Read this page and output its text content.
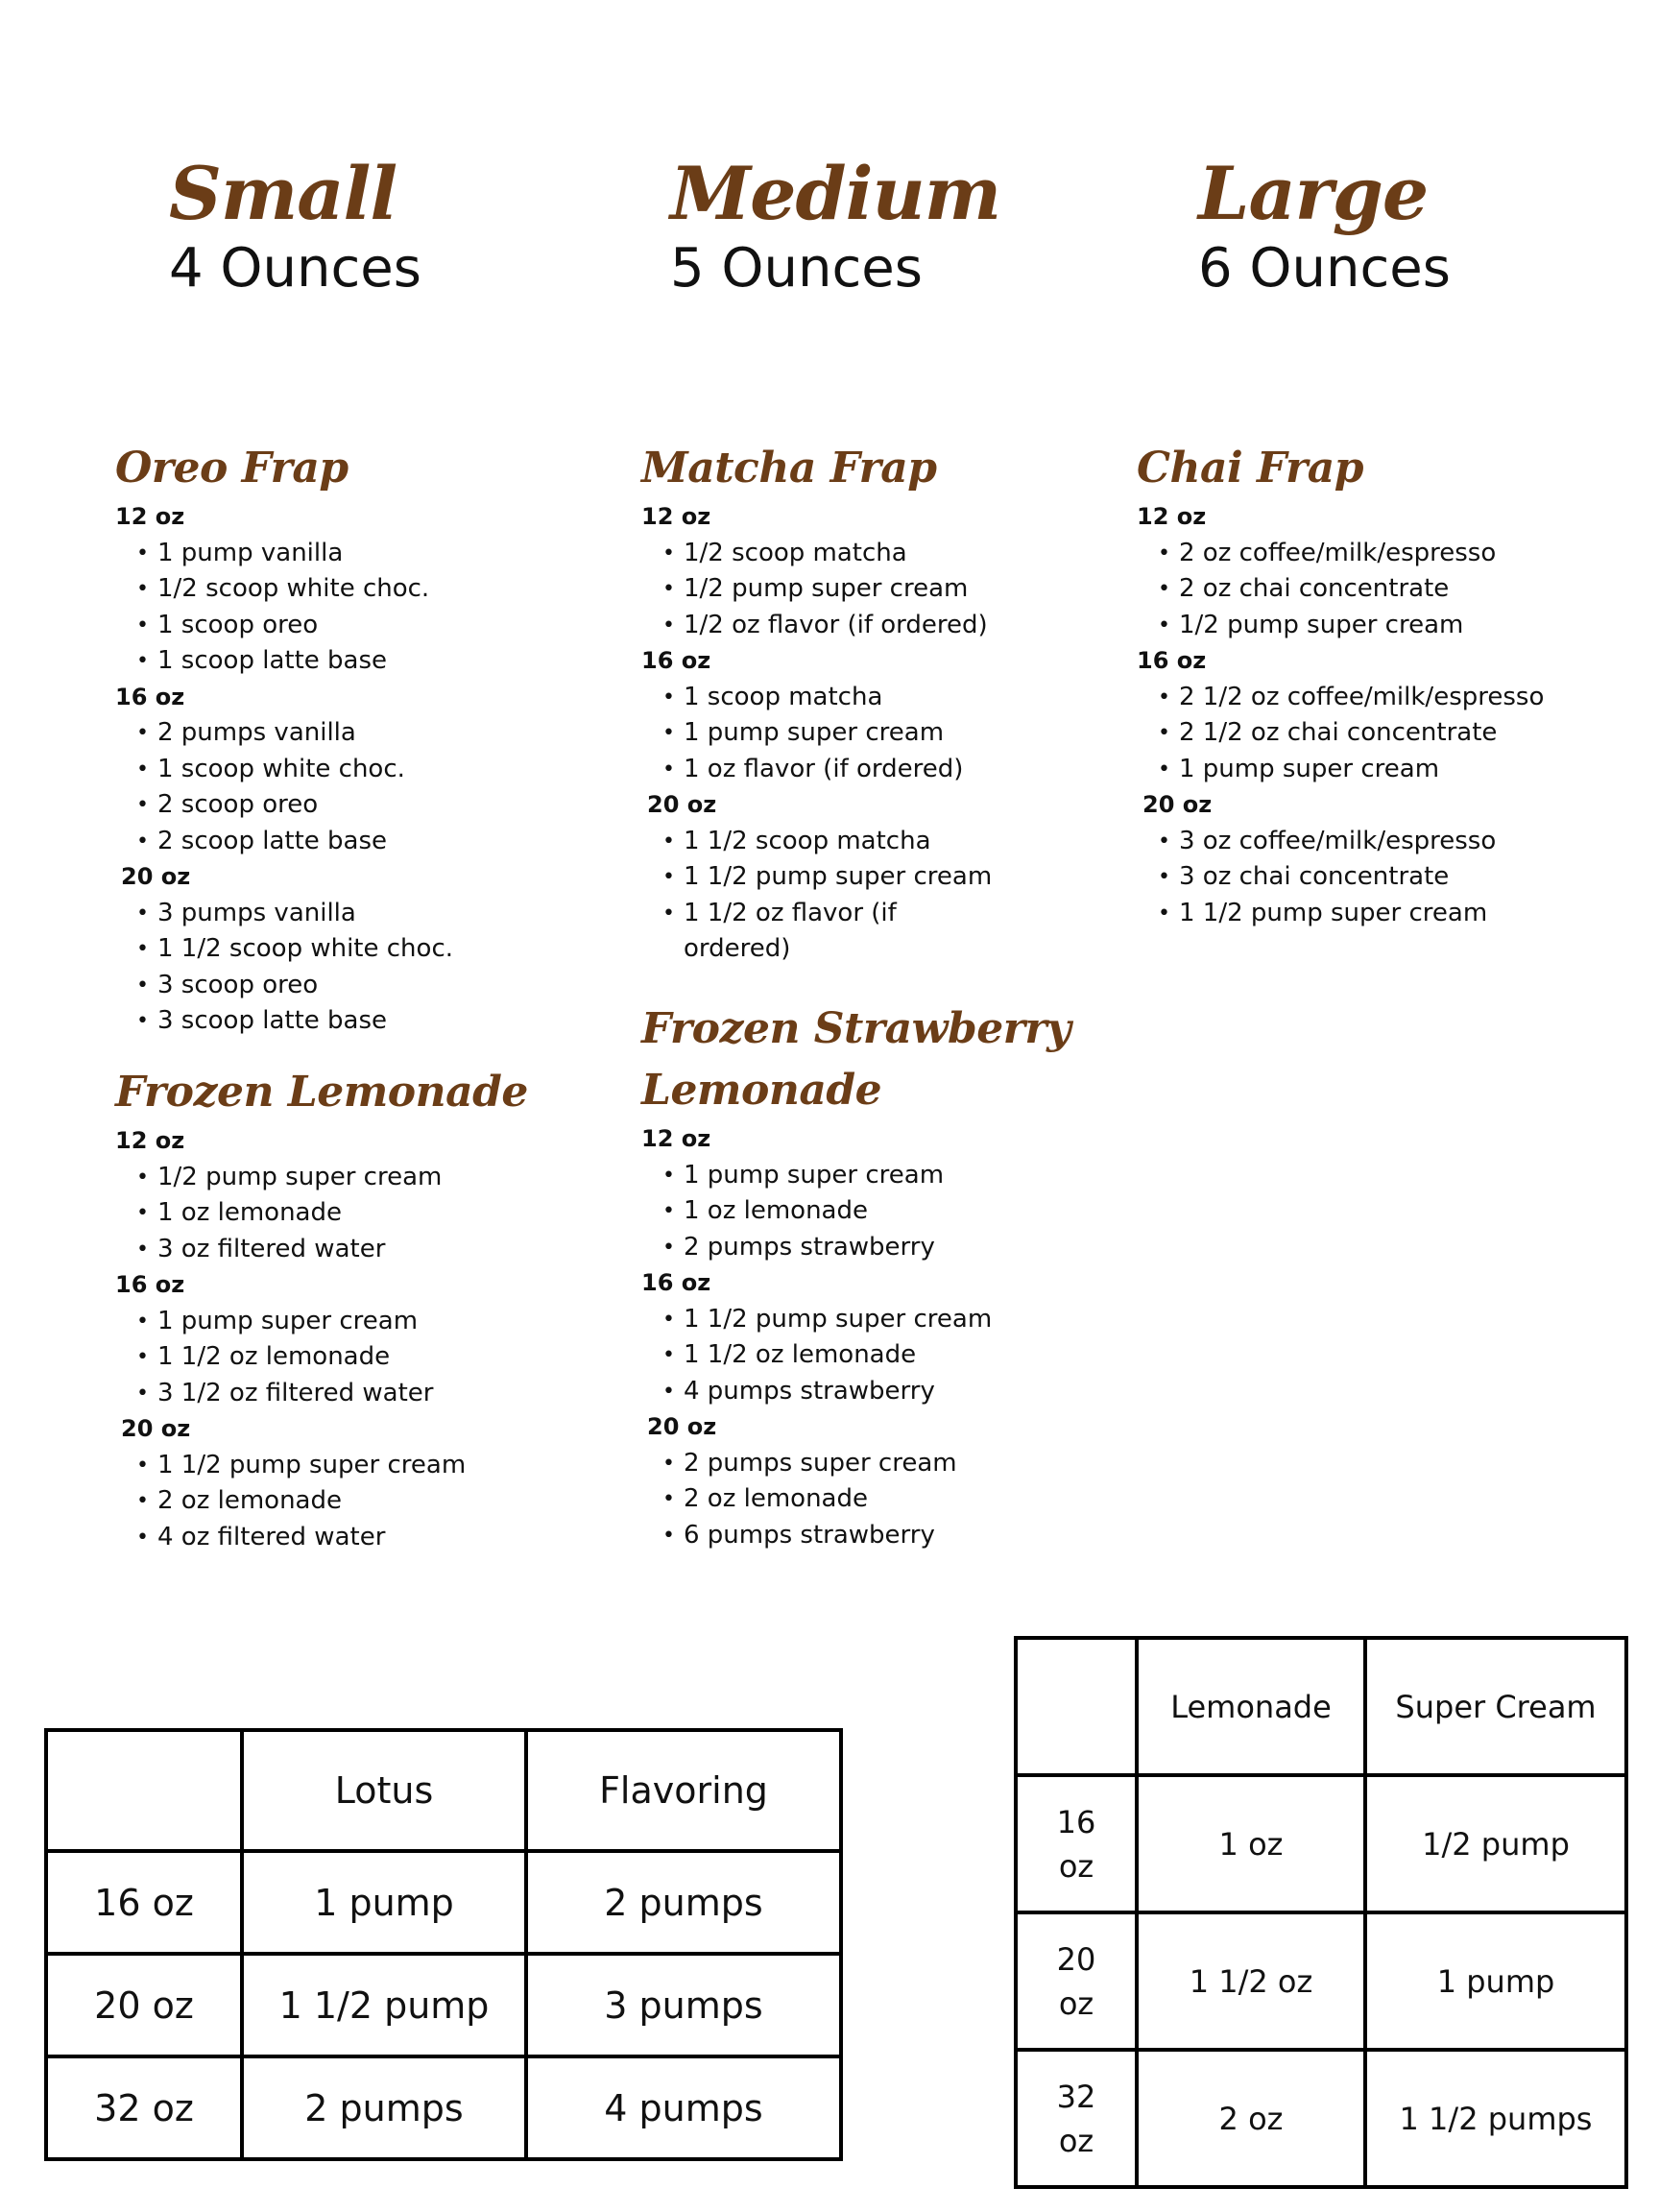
Small
4 Ounces
Medium
5 Ounces
Large
6 Ounces
Oreo Frap
12 oz
• 1 pump vanilla
• 1/2 scoop white choc.
• 1 scoop oreo
• 1 scoop latte base
16 oz
• 2 pumps vanilla
• 1 scoop white choc.
• 2 scoop oreo
• 2 scoop latte base
20 oz
• 3 pumps vanilla
• 1 1/2 scoop white choc.
• 3 scoop oreo
• 3 scoop latte base
Matcha Frap
12 oz
• 1/2 scoop matcha
• 1/2 pump super cream
• 1/2 oz flavor (if ordered)
16 oz
• 1 scoop matcha
• 1 pump super cream
• 1 oz flavor (if ordered)
20 oz
• 1 1/2 scoop matcha
• 1 1/2 pump super cream
• 1 1/2 oz flavor (if
ordered)
Chai Frap
12 oz
• 2 oz coffee/milk/espresso
• 2 oz chai concentrate
• 1/2 pump super cream
16 oz
• 2 1/2 oz coffee/milk/espresso
• 2 1/2 oz chai concentrate
• 1 pump super cream
20 oz
• 3 oz coffee/milk/espresso
• 3 oz chai concentrate
• 1 1/2 pump super cream
Frozen Lemonade
12 oz
• 1/2 pump super cream
• 1 oz lemonade
• 3 oz filtered water
16 oz
• 1 pump super cream
• 1 1/2 oz lemonade
• 3 1/2 oz filtered water
20 oz
• 1 1/2 pump super cream
• 2 oz lemonade
• 4 oz filtered water
Frozen Strawberry
Lemonade
12 oz
• 1 pump super cream
• 1 oz lemonade
• 2 pumps strawberry
16 oz
• 1 1/2 pump super cream
• 1 1/2 oz lemonade
• 4 pumps strawberry
20 oz
• 2 pumps super cream
• 2 oz lemonade
• 6 pumps strawberry
	Lotus	Flavoring
16 oz	1 pump	2 pumps
20 oz	1 1/2 pump	3 pumps
32 oz	2 pumps	4 pumps
	Lemonade	Super Cream
16 oz	1 oz	1/2 pump
20 oz	1 1/2 oz	1 pump
32 oz	2 oz	1 1/2 pumps
